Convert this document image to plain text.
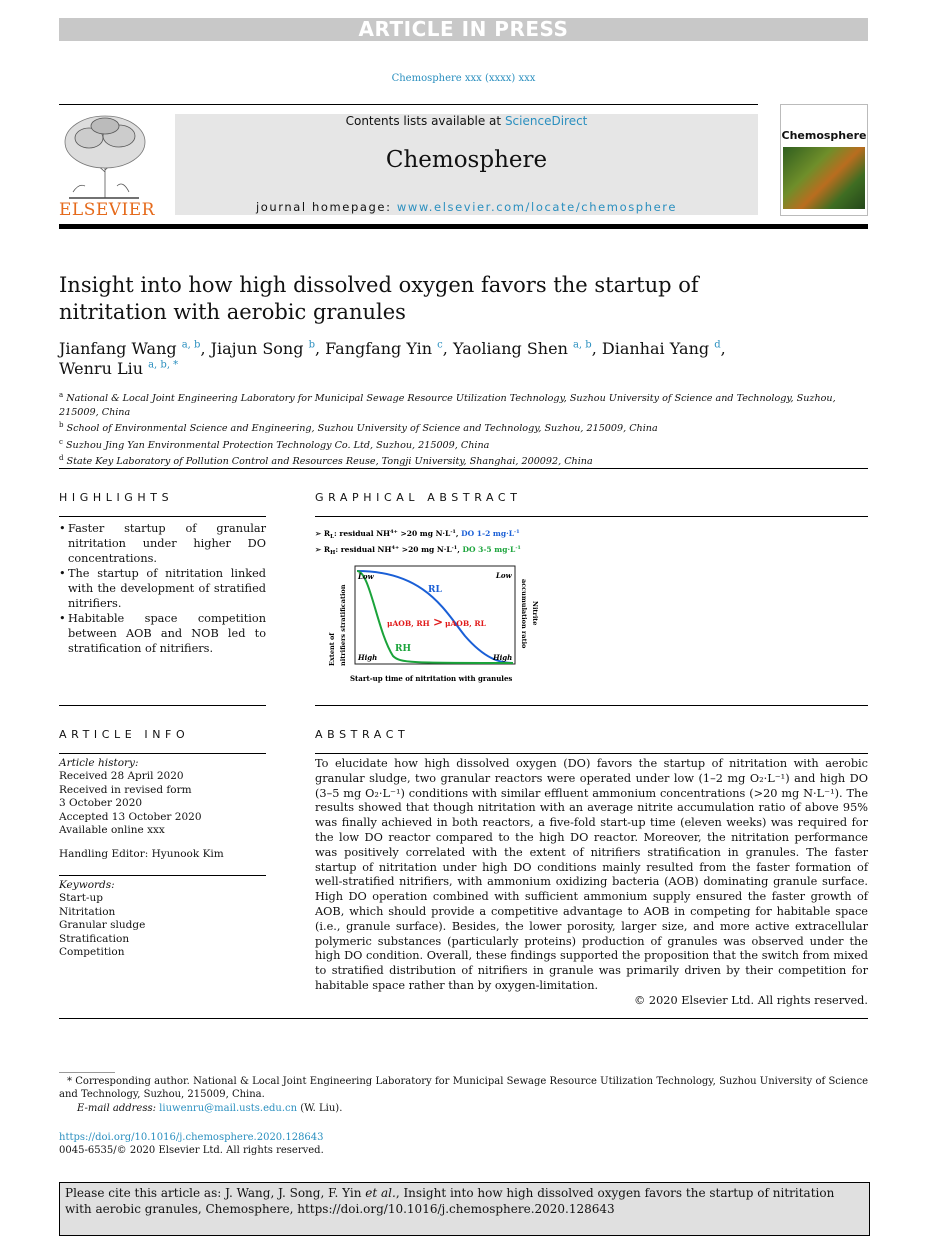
ARTICLE IN PRESS
Chemosphere xxx (xxxx) xxx
ELSEVIER
Contents lists available at ScienceDirect
Chemosphere
journal homepage: www.elsevier.com/locate/chemosphere
Chemosphere
Insight into how high dissolved oxygen favors the startup of
nitritation with aerobic granules
Jianfang Wang $^{a, b}$, Jiajun Song $^b$, Fangfang Yin $^c$, Yaoliang Shen $^{a, b}$, Dianhai Yang $^d$,
Wenru Liu $^{a, b, *}$
$^a$ National & Local Joint Engineering Laboratory for Municipal Sewage Resource Utilization Technology, Suzhou University of Science and Technology, Suzhou, 215009, China
$^b$ School of Environmental Science and Engineering, Suzhou University of Science and Technology, Suzhou, 215009, China
$^c$ Suzhou Jing Yan Environmental Protection Technology Co. Ltd, Suzhou, 215009, China
$^d$ State Key Laboratory of Pollution Control and Resources Reuse, Tongji University, Shanghai, 200092, China
HIGHLIGHTS
• Faster startup of granular nitritation under higher DO concentrations.
• The startup of nitritation linked with the development of stratified nitrifiers.
• Habitable space competition between AOB and NOB led to stratification of nitrifiers.
GRAPHICAL ABSTRACT
➢ $R_L$: residual $NH^4+ >20$ mg $N\cdot L^{-1}$, DO 1-2 $mg\cdot L^{-1}$
➢ $R_H$: residual $NH^4+ >20$ mg $N\cdot L^{-1}$, DO 3-5 $mg\cdot L^{-1}$
Low	Low
High	High
RL
RH
μAOB, RH > μAOB, RL
Extent of nitrifiers stratification	Nitrite
accumulation ratio
Start-up time of nitritation with granules
ARTICLE INFO
Article history:
Received 28 April 2020
Received in revised form
3 October 2020
Accepted 13 October 2020
Available online xxx
Handling Editor: Hyunook Kim
Keywords:
Start-up
Nitritation
Granular sludge
Stratification
Competition
ABSTRACT
To elucidate how high dissolved oxygen (DO) favors the startup of nitritation with aerobic granular sludge, two granular reactors were operated under low (1–2 mg O₂·L⁻¹) and high DO (3–5 mg O₂·L⁻¹) conditions with similar effluent ammonium concentrations (>20 mg N·L⁻¹). The results showed that though nitritation with an average nitrite accumulation ratio of above 95% was finally achieved in both reactors, a five-fold start-up time (eleven weeks) was required for the low DO reactor compared to the high DO reactor. Moreover, the nitritation performance was positively correlated with the extent of nitrifiers stratification in granules. The faster startup of nitritation under high DO conditions mainly resulted from the faster formation of well-stratified nitrifiers, with ammonium oxidizing bacteria (AOB) dominating granule surface. High DO operation combined with sufficient ammonium supply ensured the faster growth of AOB, which should provide a competitive advantage to AOB in competing for habitable space (i.e., granule surface). Besides, the lower porosity, larger size, and more active extracellular polymeric substances (particularly proteins) production of granules was observed under the high DO condition. Overall, these findings supported the proposition that the switch from mixed to stratified distribution of nitrifiers in granule was primarily driven by their competition for habitable space rather than by oxygen-limitation.
© 2020 Elsevier Ltd. All rights reserved.
* Corresponding author. National & Local Joint Engineering Laboratory for Municipal Sewage Resource Utilization Technology, Suzhou University of Science and Technology, Suzhou, 215009, China.
E-mail address: liuwenru@mail.usts.edu.cn (W. Liu).
https://doi.org/10.1016/j.chemosphere.2020.128643
0045-6535/© 2020 Elsevier Ltd. All rights reserved.
Please cite this article as: J. Wang, J. Song, F. Yin et al., Insight into how high dissolved oxygen favors the startup of nitritation with aerobic granules, Chemosphere, https://doi.org/10.1016/j.chemosphere.2020.128643
